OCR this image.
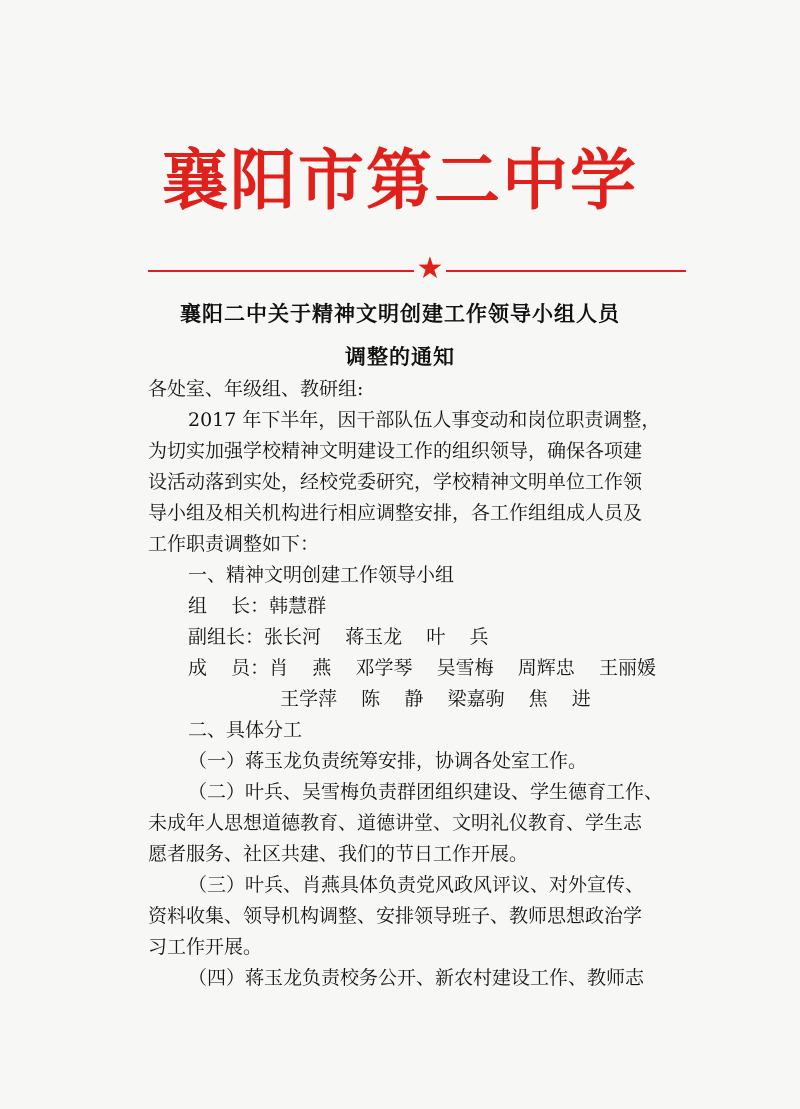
襄阳市第二中学
★
襄阳二中关于精神文明创建工作领导小组人员
调整的通知
各处室、年级组、教研组:
2017 年下半年，因干部队伍人事变动和岗位职责调整，
为切实加强学校精神文明建设工作的组织领导，确保各项建
设活动落到实处，经校党委研究，学校精神文明单位工作领
导小组及相关机构进行相应调整安排，各工作组组成人员及
工作职责调整如下：
一、精神文明创建工作领导小组
组    长：韩慧群
副组长：张长河    蒋玉龙    叶    兵
成    员：肖    燕    邓学琴    吴雪梅    周辉忠    王丽媛
王学萍    陈    静    梁嘉驹    焦    进
二、具体分工
（一）蒋玉龙负责统筹安排，协调各处室工作。
（二）叶兵、吴雪梅负责群团组织建设、学生德育工作、
未成年人思想道德教育、道德讲堂、文明礼仪教育、学生志
愿者服务、社区共建、我们的节日工作开展。
（三）叶兵、肖燕具体负责党风政风评议、对外宣传、
资料收集、领导机构调整、安排领导班子、教师思想政治学
习工作开展。
（四）蒋玉龙负责校务公开、新农村建设工作、教师志
